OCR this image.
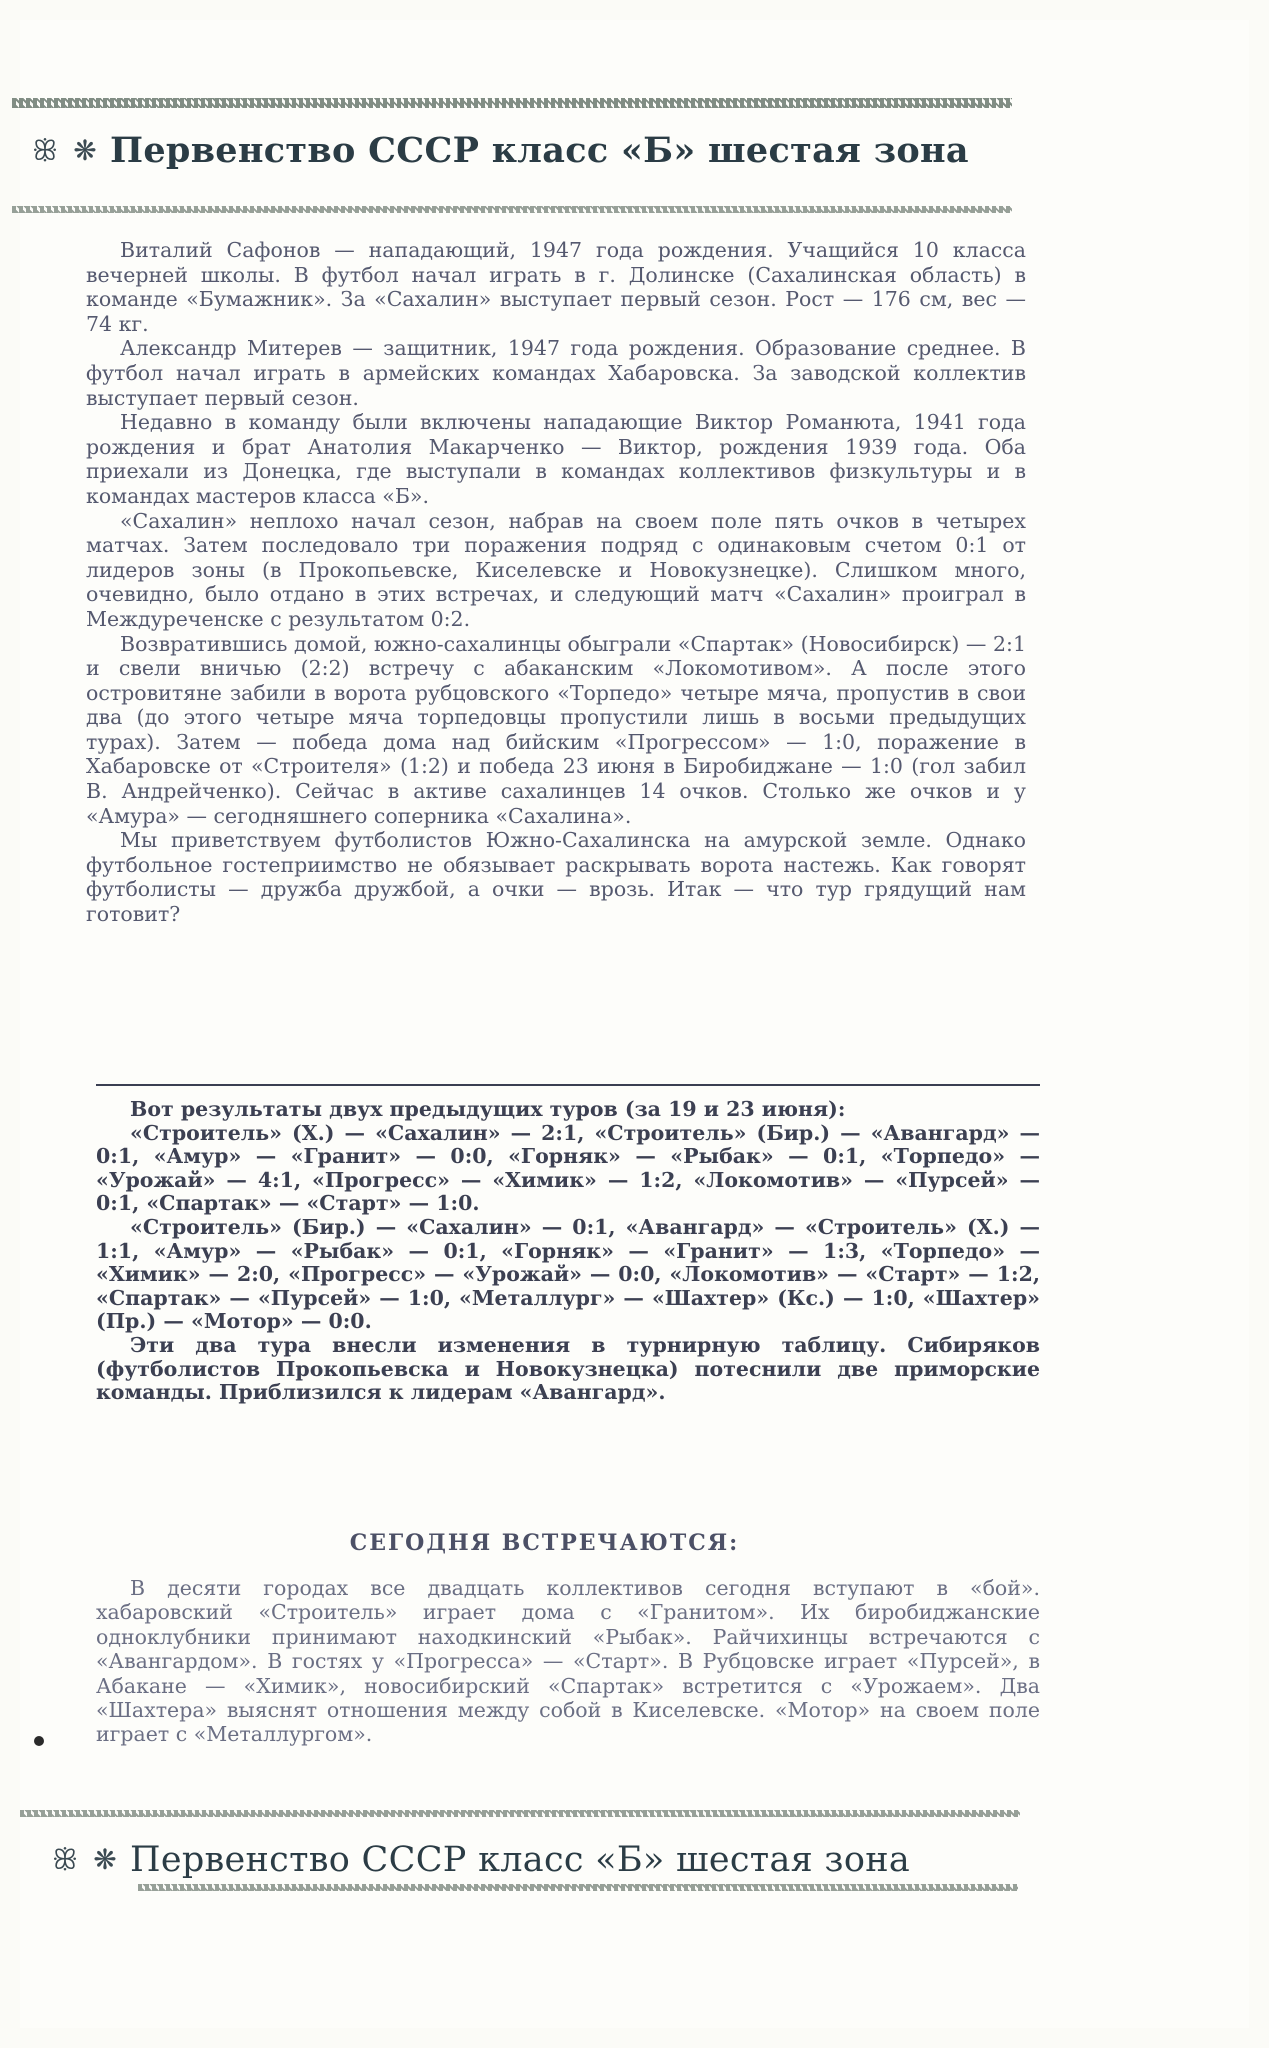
ꕥ ❋ Первенство СССР класс «Б» шестая зона

Виталий Сафонов — нападающий, 1947 года рождения. Учащийся 10 класса вечерней школы. В футбол начал играть в г. Долинске (Сахалинская область) в команде «Бумажник». За «Сахалин» выступает первый сезон. Рост — 176 см, вес — 74 кг.

Александр Митерев — защитник, 1947 года рождения. Образование среднее. В футбол начал играть в армейских командах Хабаровска. За заводской коллектив выступает первый сезон.

Недавно в команду были включены нападающие Виктор Романюта, 1941 года рождения и брат Анатолия Макарченко — Виктор, рождения 1939 года. Оба приехали из Донецка, где выступали в командах коллективов физкультуры и в командах мастеров класса «Б».

«Сахалин» неплохо начал сезон, набрав на своем поле пять очков в четырех матчах. Затем последовало три поражения подряд с одинаковым счетом 0:1 от лидеров зоны (в Прокопьевске, Киселевске и Новокузнецке). Слишком много, очевидно, было отдано в этих встречах, и следующий матч «Сахалин» проиграл в Междуреченске с результатом 0:2.

Возвратившись домой, южно-сахалинцы обыграли «Спартак» (Новосибирск) — 2:1 и свели вничью (2:2) встречу с абаканским «Локомотивом». А после этого островитяне забили в ворота рубцовского «Торпедо» четыре мяча, пропустив в свои два (до этого четыре мяча торпедовцы пропустили лишь в восьми предыдущих турах). Затем — победа дома над бийским «Прогрессом» — 1:0, поражение в Хабаровске от «Строителя» (1:2) и победа 23 июня в Биробиджане — 1:0 (гол забил В. Андрейченко). Сейчас в активе сахалинцев 14 очков. Столько же очков и у «Амура» — сегодняшнего соперника «Сахалина».

Мы приветствуем футболистов Южно-Сахалинска на амурской земле. Однако футбольное гостеприимство не обязывает раскрывать ворота настежь. Как говорят футболисты — дружба дружбой, а очки — врозь. Итак — что тур грядущий нам готовит?

Вот результаты двух предыдущих туров (за 19 и 23 июня):

«Строитель» (Х.) — «Сахалин» — 2:1, «Строитель» (Бир.) — «Авангард» — 0:1, «Амур» — «Гранит» — 0:0, «Горняк» — «Рыбак» — 0:1, «Торпедо» — «Урожай» — 4:1, «Прогресс» — «Химик» — 1:2, «Локомотив» — «Пурсей» — 0:1, «Спартак» — «Старт» — 1:0.

«Строитель» (Бир.) — «Сахалин» — 0:1, «Авангард» — «Строитель» (Х.) — 1:1, «Амур» — «Рыбак» — 0:1, «Горняк» — «Гранит» — 1:3, «Торпедо» — «Химик» — 2:0, «Прогресс» — «Урожай» — 0:0, «Локомотив» — «Старт» — 1:2, «Спартак» — «Пурсей» — 1:0, «Металлург» — «Шахтер» (Кс.) — 1:0, «Шахтер» (Пр.) — «Мотор» — 0:0.

Эти два тура внесли изменения в турнирную таблицу. Сибиряков (футболистов Прокопьевска и Новокузнецка) потеснили две приморские команды. Приблизился к лидерам «Авангард».

СЕГОДНЯ ВСТРЕЧАЮТСЯ:

В десяти городах все двадцать коллективов сегодня вступают в «бой». хабаровский «Строитель» играет дома с «Гранитом». Их биробиджанские одноклубники принимают находкинский «Рыбак». Райчихинцы встречаются с «Авангардом». В гостях у «Прогресса» — «Старт». В Рубцовске играет «Пурсей», в Абакане — «Химик», новосибирский «Спартак» встретится с «Урожаем». Два «Шахтера» выяснят отношения между собой в Киселевске. «Мотор» на своем поле играет с «Металлургом».

ꕥ ❋ Первенство СССР класс «Б» шестая зона
